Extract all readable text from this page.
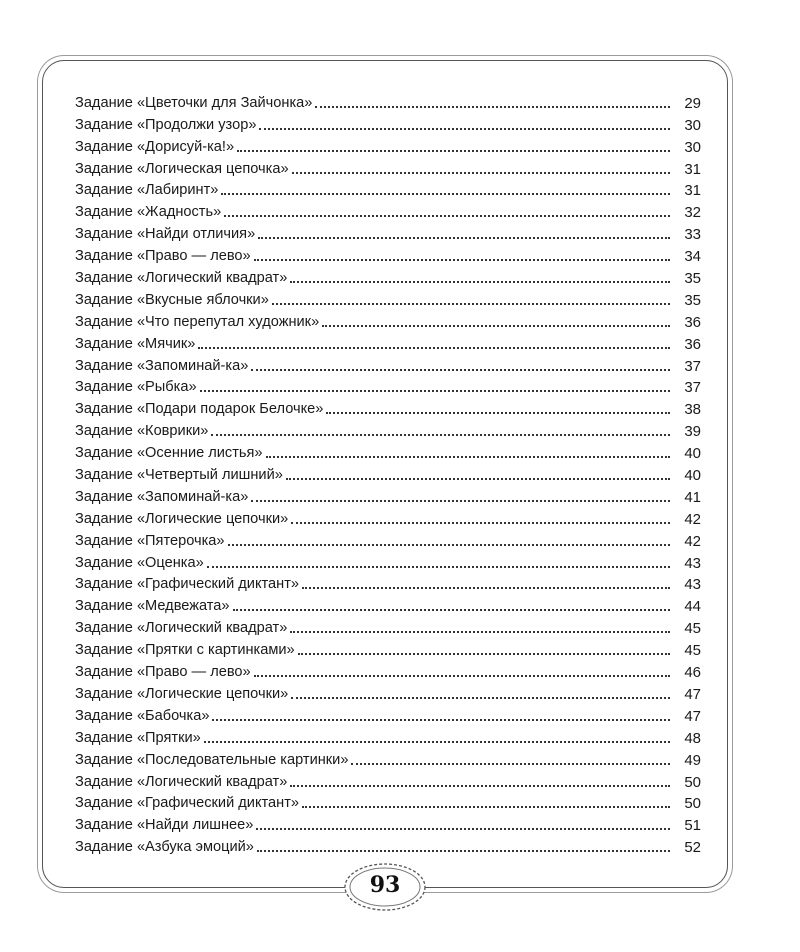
Задание «Цветочки для Зайчонка»	29
Задание «Продолжи узор»	30
Задание «Дорисуй-ка!»	30
Задание «Логическая цепочка»	31
Задание «Лабиринт»	31
Задание «Жадность»	32
Задание «Найди отличия»	33
Задание «Право — лево»	34
Задание «Логический квадрат»	35
Задание «Вкусные яблочки»	35
Задание «Что перепутал художник»	36
Задание «Мячик»	36
Задание «Запоминай-ка»	37
Задание «Рыбка»	37
Задание «Подари подарок Белочке»	38
Задание «Коврики»	39
Задание «Осенние листья»	40
Задание «Четвертый лишний»	40
Задание «Запоминай-ка»	41
Задание «Логические цепочки»	42
Задание «Пятерочка»	42
Задание «Оценка»	43
Задание «Графический диктант»	43
Задание «Медвежата»	44
Задание «Логический квадрат»	45
Задание «Прятки с картинками»	45
Задание «Право — лево»	46
Задание «Логические цепочки»	47
Задание «Бабочка»	47
Задание «Прятки»	48
Задание «Последовательные картинки»	49
Задание «Логический квадрат»	50
Задание «Графический диктант»	50
Задание «Найди лишнее»	51
Задание «Азбука эмоций»	52
93
